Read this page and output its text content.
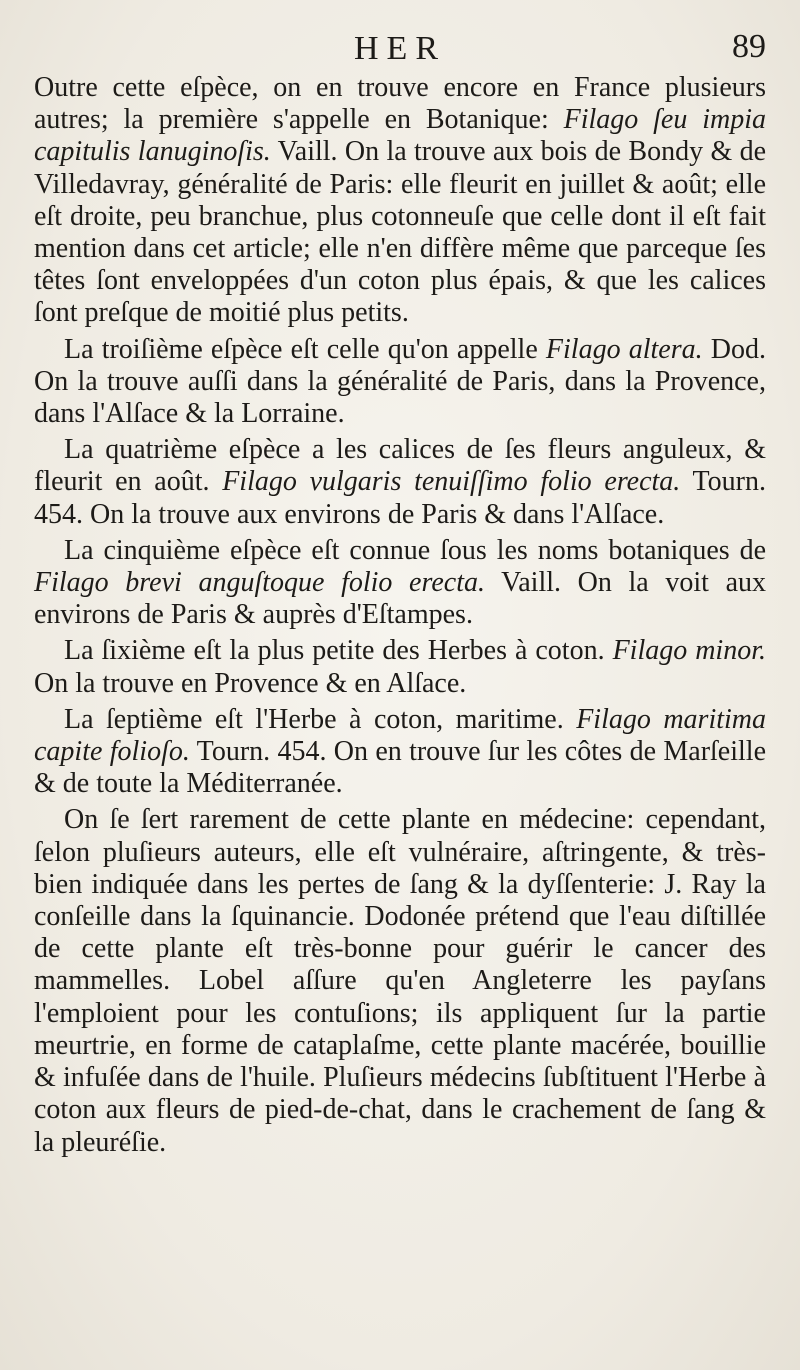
HER	89

Outre cette eſpèce, on en trouve encore en France plusieurs autres; la première s'appelle en Botanique: Filago ſeu impia capitulis lanuginoſis. Vaill. On la trouve aux bois de Bondy & de Villedavray, généralité de Paris: elle fleurit en juillet & août; elle eſt droite, peu branchue, plus cotonneuſe que celle dont il eſt fait mention dans cet article; elle n'en diffère même que parceque ſes têtes ſont enveloppées d'un coton plus épais, & que les calices ſont preſque de moitié plus petits.

La troiſième eſpèce eſt celle qu'on appelle Filago altera. Dod. On la trouve auſſi dans la généralité de Paris, dans la Provence, dans l'Alſace & la Lorraine.

La quatrième eſpèce a les calices de ſes fleurs anguleux, & fleurit en août. Filago vulgaris tenuiſſimo folio erecta. Tourn. 454. On la trouve aux environs de Paris & dans l'Alſace.

La cinquième eſpèce eſt connue ſous les noms botaniques de Filago brevi anguſtoque folio erecta. Vaill. On la voit aux environs de Paris & auprès d'Eſtampes.

La ſixième eſt la plus petite des Herbes à coton. Filago minor. On la trouve en Provence & en Alſace.

La ſeptième eſt l'Herbe à coton, maritime. Filago maritima capite folioſo. Tourn. 454. On en trouve ſur les côtes de Marſeille & de toute la Méditerranée.

On ſe ſert rarement de cette plante en médecine: cependant, ſelon pluſieurs auteurs, elle eſt vulnéraire, aſtringente, & très-bien indiquée dans les pertes de ſang & la dyſſenterie: J. Ray la conſeille dans la ſquinancie. Dodonée prétend que l'eau diſtillée de cette plante eſt très-bonne pour guérir le cancer des mammelles. Lobel aſſure qu'en Angleterre les payſans l'emploient pour les contuſions; ils appliquent ſur la partie meurtrie, en forme de cataplaſme, cette plante macérée, bouillie & infuſée dans de l'huile. Pluſieurs médecins ſubſtituent l'Herbe à coton aux fleurs de pied-de-chat, dans le crachement de ſang & la pleuréſie.
